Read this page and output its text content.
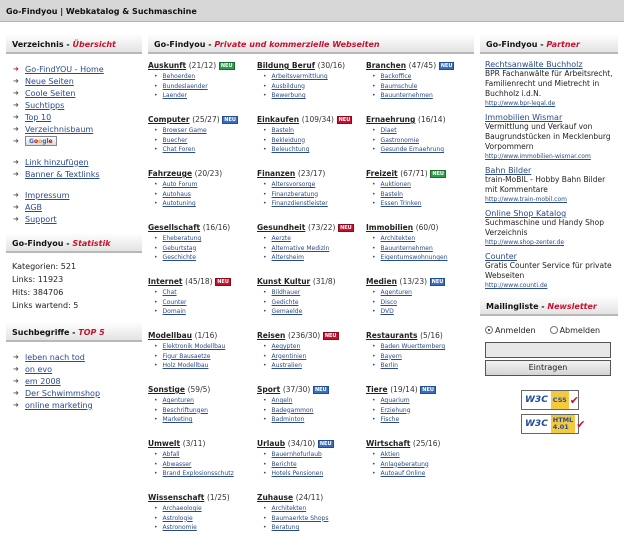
Go-Findyou | Webkatalog & Suchmaschine
Verzeichnis - Übersicht
➜ Go-FindYOU - Home
➜ Neue Seiten
➜ Coole Seiten
➜ Suchtipps
➜ Top 10
➜ Verzeichnisbaum
➜	Google
➜ Link hinzufügen
➜ Banner & Textlinks
➜ Impressum
➜ AGB
➜ Support
Go-Findyou - Statistik
Kategorien: 521
Links: 11923
Hits: 384706
Links wartend: 5
Suchbegriffe - TOP 5
➜ leben nach tod
➜ on evo
➜ em 2008
➜ Der Schwimmshop
➜ online marketing
Go-Findyou - Private und kommerzielle Webseiten
Auskunft (21/12) NEU
• Behoerden
• Bundeslaender
• Laender
Bildung Beruf (30/16)
• Arbeitsvermittlung
• Ausbildung
• Bewerbung
Branchen (47/45) NEU
• Backoffice
• Baumschule
• Bauunternehmen
Computer (25/27) NEU
• Browser Game
• Buecher
• Chat Foren
Einkaufen (109/34) NEU
• Basteln
• Bekleidung
• Beleuchtung
Ernaehrung (16/14)
• Diaet
• Gastronomie
• Gesunde Ernaehrung
Fahrzeuge (20/23)
• Auto Forum
• Autohaus
• Autotuning
Finanzen (23/17)
• Altersvorsorge
• Finanzberatung
• Finanzdienstleister
Freizeit (67/71) NEU
• Auktionen
• Basteln
• Essen Trinken
Gesellschaft (16/16)
• Eheberatung
• Geburtstag
• Geschichte
Gesundheit (73/22) NEU
• Aerzte
• Alternative Medizin
• Altersheim
Immobilien (60/0)
• Architekten
• Bauunternehmen
• Eigentumswohnungen
Internet (45/18) NEU
• Chat
• Counter
• Domain
Kunst Kultur (31/8)
• Bildhauer
• Gedichte
• Gemaelde
Medien (13/23) NEU
• Agenturen
• Disco
• DVD
Modellbau (1/16)
• Elektronik Modellbau
• Figur Bausaetze
• Holz Modellbau
Reisen (236/30) NEU
• Aegypten
• Argentinien
• Australien
Restaurants (5/16)
• Baden Wuerttemberg
• Bayern
• Berlin
Sonstige (59/5)
• Agenturen
• Beschriftungen
• Marketing
Sport (37/30) NEU
• Angeln
• Badegammon
• Badminton
Tiere (19/14) NEU
• Aquarium
• Erziehung
• Fische
Umwelt (3/11)
• Abfall
• Abwasser
• Brand Explosionsschutz
Urlaub (34/10) NEU
• Bauernhofurlaub
• Berichte
• Hotels Pensionen
Wirtschaft (25/16)
• Aktien
• Anlageberatung
• Autoauf Online
Wissenschaft (1/25)
• Archaeologie
• Astrologie
• Astronomie
Zuhause (24/11)
• Architekten
• Baumaerkte Shops
• Beratung
Go-Findyou - Partner
Rechtsanwälte Buchholz
BPR Fachanwälte für Arbeitsrecht, Familienrecht und Mietrecht in Buchholz i.d.N.
http://www.bpr-legal.de
Immobilien Wismar
Vermittlung und Verkauf von Baugrundstücken in Mecklenburg Vorpommern
http://www.immobilien-wismar.com
Bahn Bilder
train-MoBIL - Hobby Bahn Bilder mit Kommentare
http://www.train-mobil.com
Online Shop Katalog
Suchmaschine und Handy Shop Verzeichnis
http://www.shop-zenter.de
Counter
Gratis Counter Service für private Webseiten
http://www.counti.de
Mailingliste - Newsletter
Anmelden	Abmelden
Eintragen
W3C CSS ✔
W3C HTML 4.01 ✔
